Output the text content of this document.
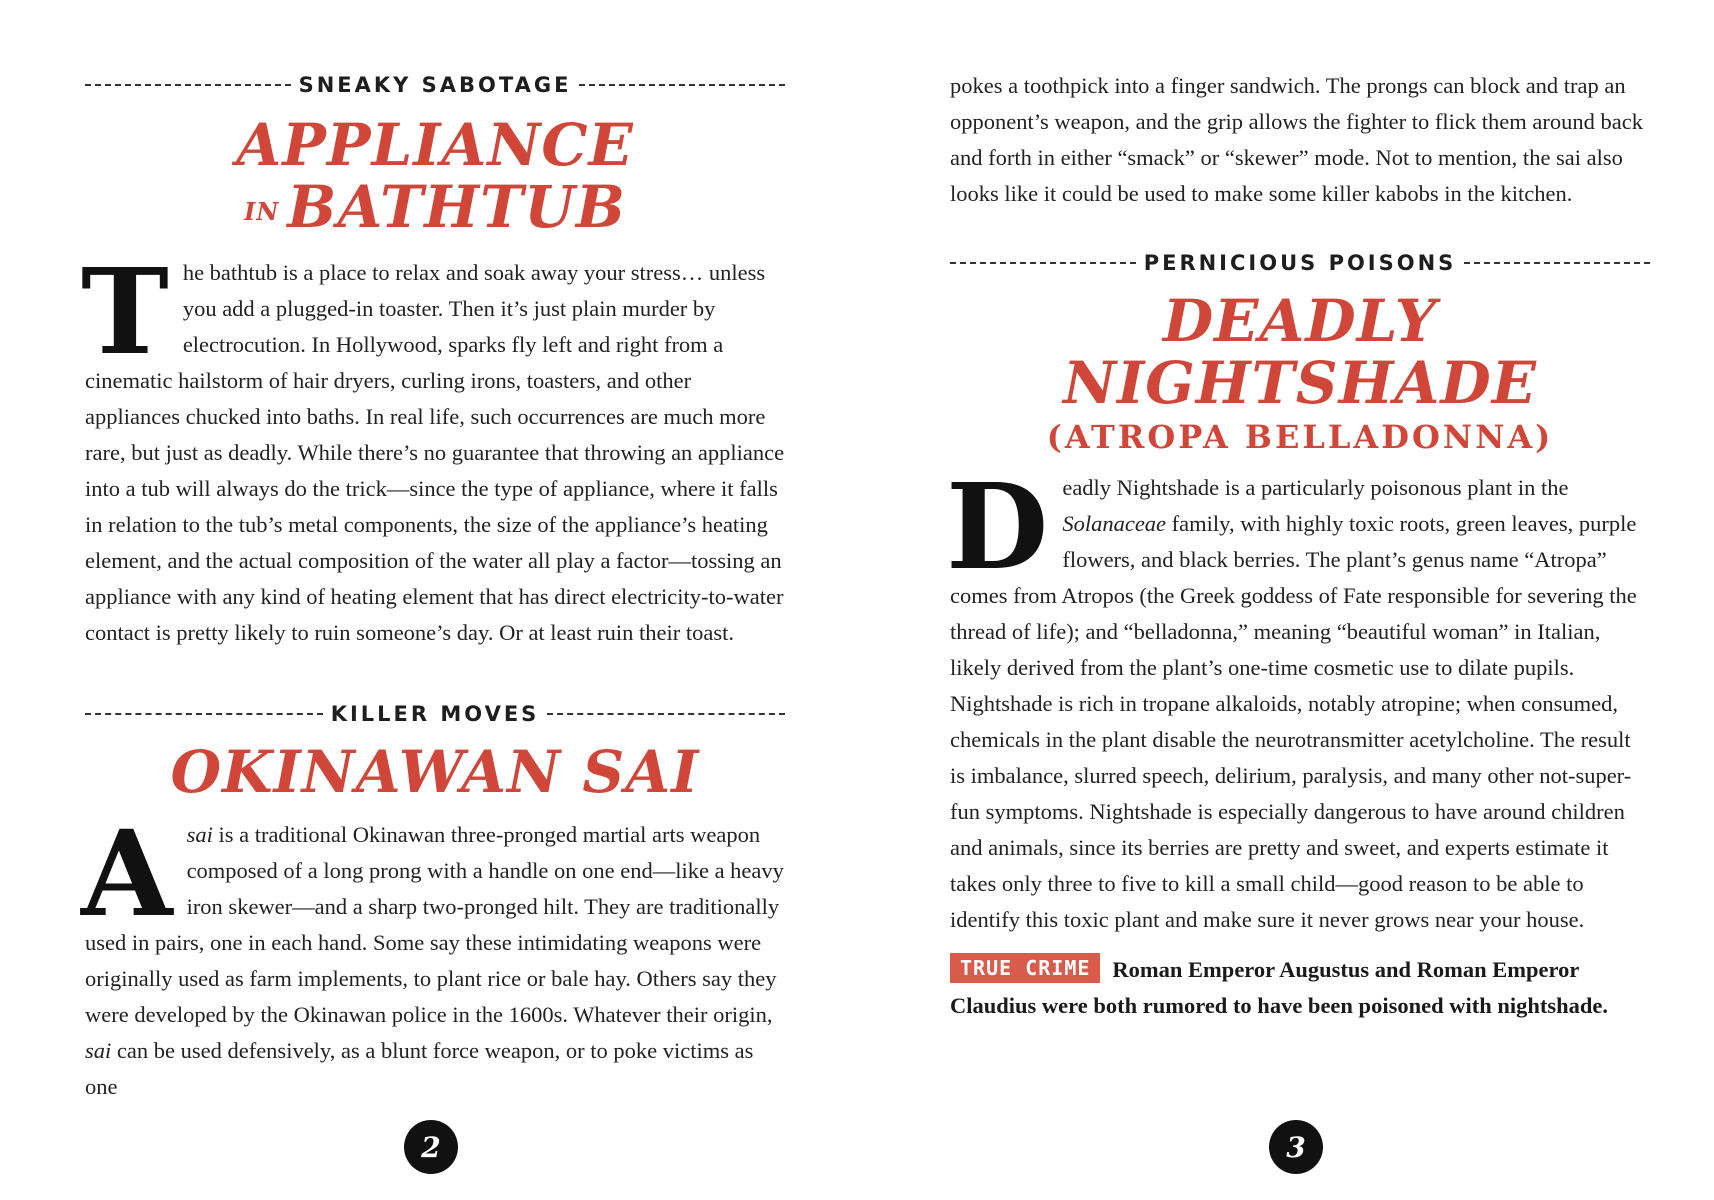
SNEAKY SABOTAGE
APPLIANCE
IN BATHTUB

The bathtub is a place to relax and soak away your stress… unless you add a plugged-in toaster. Then it’s just plain murder by electrocution. In Hollywood, sparks fly left and right from a cinematic hailstorm of hair dryers, curling irons, toasters, and other appliances chucked into baths. In real life, such occurrences are much more rare, but just as deadly. While there’s no guarantee that throwing an appliance into a tub will always do the trick—since the type of appliance, where it falls in relation to the tub’s metal components, the size of the appliance’s heating element, and the actual composition of the water all play a factor—tossing an appliance with any kind of heating element that has direct electricity-to-water contact is pretty likely to ruin someone’s day. Or at least ruin their toast.

KILLER MOVES
OKINAWAN SAI

Asai is a traditional Okinawan three-pronged martial arts weapon composed of a long prong with a handle on one end—like a heavy iron skewer—and a sharp two-pronged hilt. They are traditionally used in pairs, one in each hand. Some say these intimidating weapons were originally used as farm implements, to plant rice or bale hay. Others say they were developed by the Okinawan police in the 1600s. Whatever their origin, sai can be used defensively, as a blunt force weapon, or to poke victims as one

2

pokes a toothpick into a finger sandwich. The prongs can block and trap an opponent’s weapon, and the grip allows the fighter to flick them around back and forth in either “smack” or “skewer” mode. Not to mention, the sai also looks like it could be used to make some killer kabobs in the kitchen.

PERNICIOUS POISONS
DEADLY NIGHTSHADE
(ATROPA BELLADONNA)

Deadly Nightshade is a particularly poisonous plant in the Solanaceae family, with highly toxic roots, green leaves, purple flowers, and black berries. The plant’s genus name “Atropa” comes from Atropos (the Greek goddess of Fate responsible for severing the thread of life); and “belladonna,” meaning “beautiful woman” in Italian, likely derived from the plant’s one-time cosmetic use to dilate pupils. Nightshade is rich in tropane alkaloids, notably atropine; when consumed, chemicals in the plant disable the neurotransmitter acetylcholine. The result is imbalance, slurred speech, delirium, paralysis, and many other not-super-fun symptoms. Nightshade is especially dangerous to have around children and animals, since its berries are pretty and sweet, and experts estimate it takes only three to five to kill a small child—good reason to be able to identify this toxic plant and make sure it never grows near your house.

TRUE CRIME Roman Emperor Augustus and Roman Emperor Claudius were both rumored to have been poisoned with nightshade.

3
